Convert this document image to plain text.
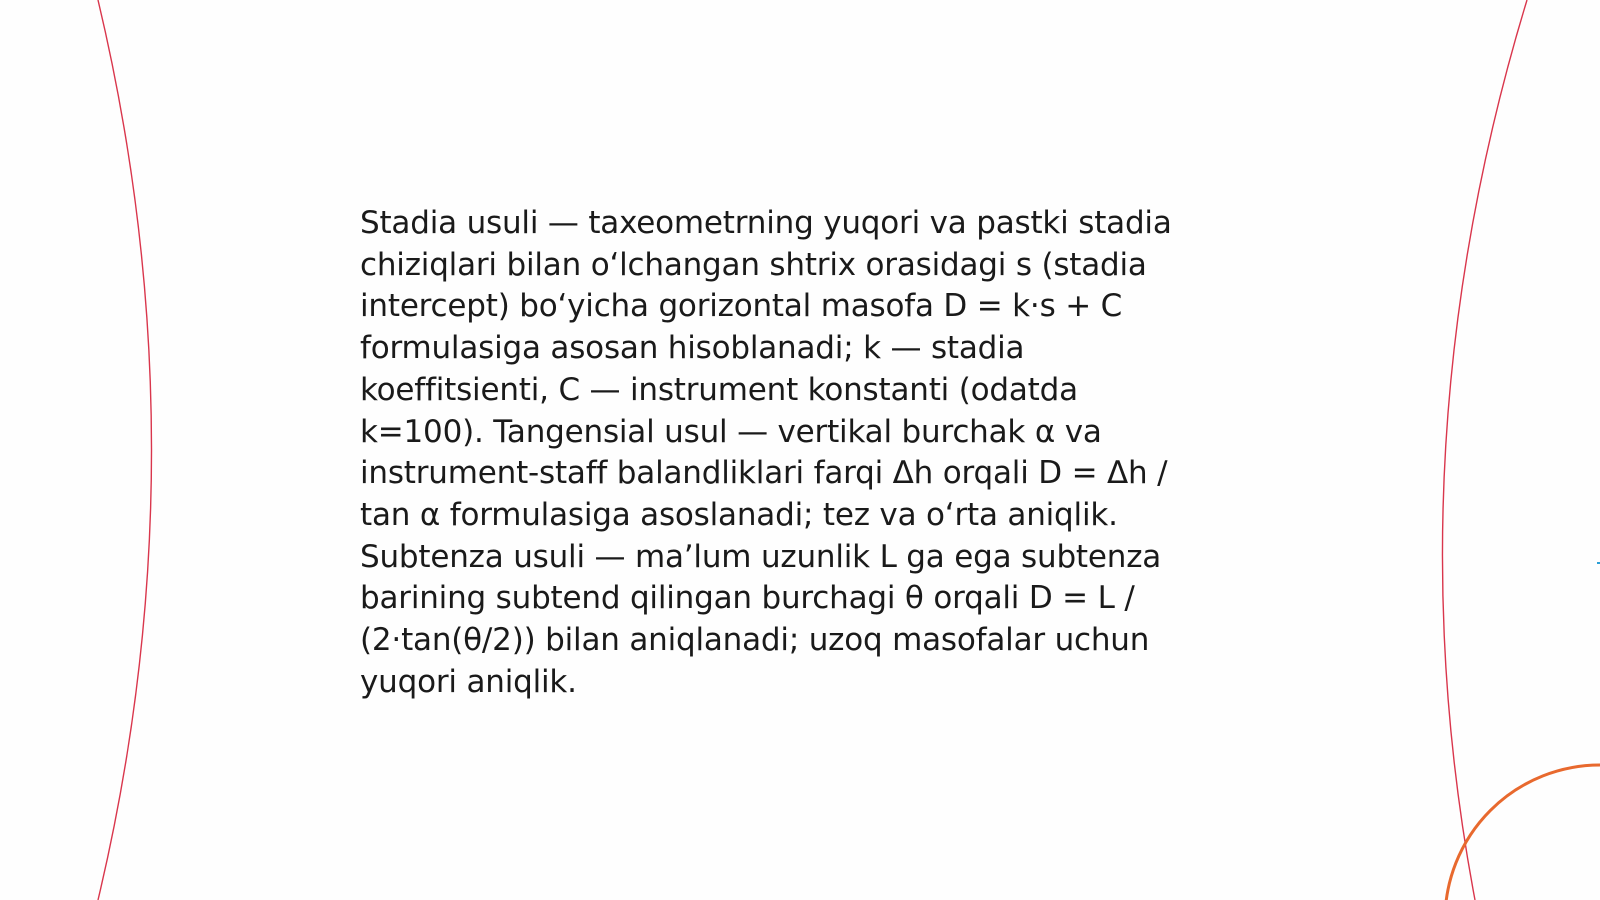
Stadia usuli — taxeometrning yuqori va pastki stadia
chiziqlari bilan oʻlchangan shtrix orasidagi s (stadia
intercept) boʻyicha gorizontal masofa D = k·s + C
formulasiga asosan hisoblanadi; k — stadia
koeffitsienti, C — instrument konstanti (odatda
k=100). Tangensial usul — vertikal burchak α va
instrument-staff balandliklari farqi Δh orqali D = Δh /
tan α formulasiga asoslanadi; tez va oʻrta aniqlik.
Subtenza usuli — maʼlum uzunlik L ga ega subtenza
barining subtend qilingan burchagi θ orqali D = L /
(2·tan(θ/2)) bilan aniqlanadi; uzoq masofalar uchun
yuqori aniqlik.
